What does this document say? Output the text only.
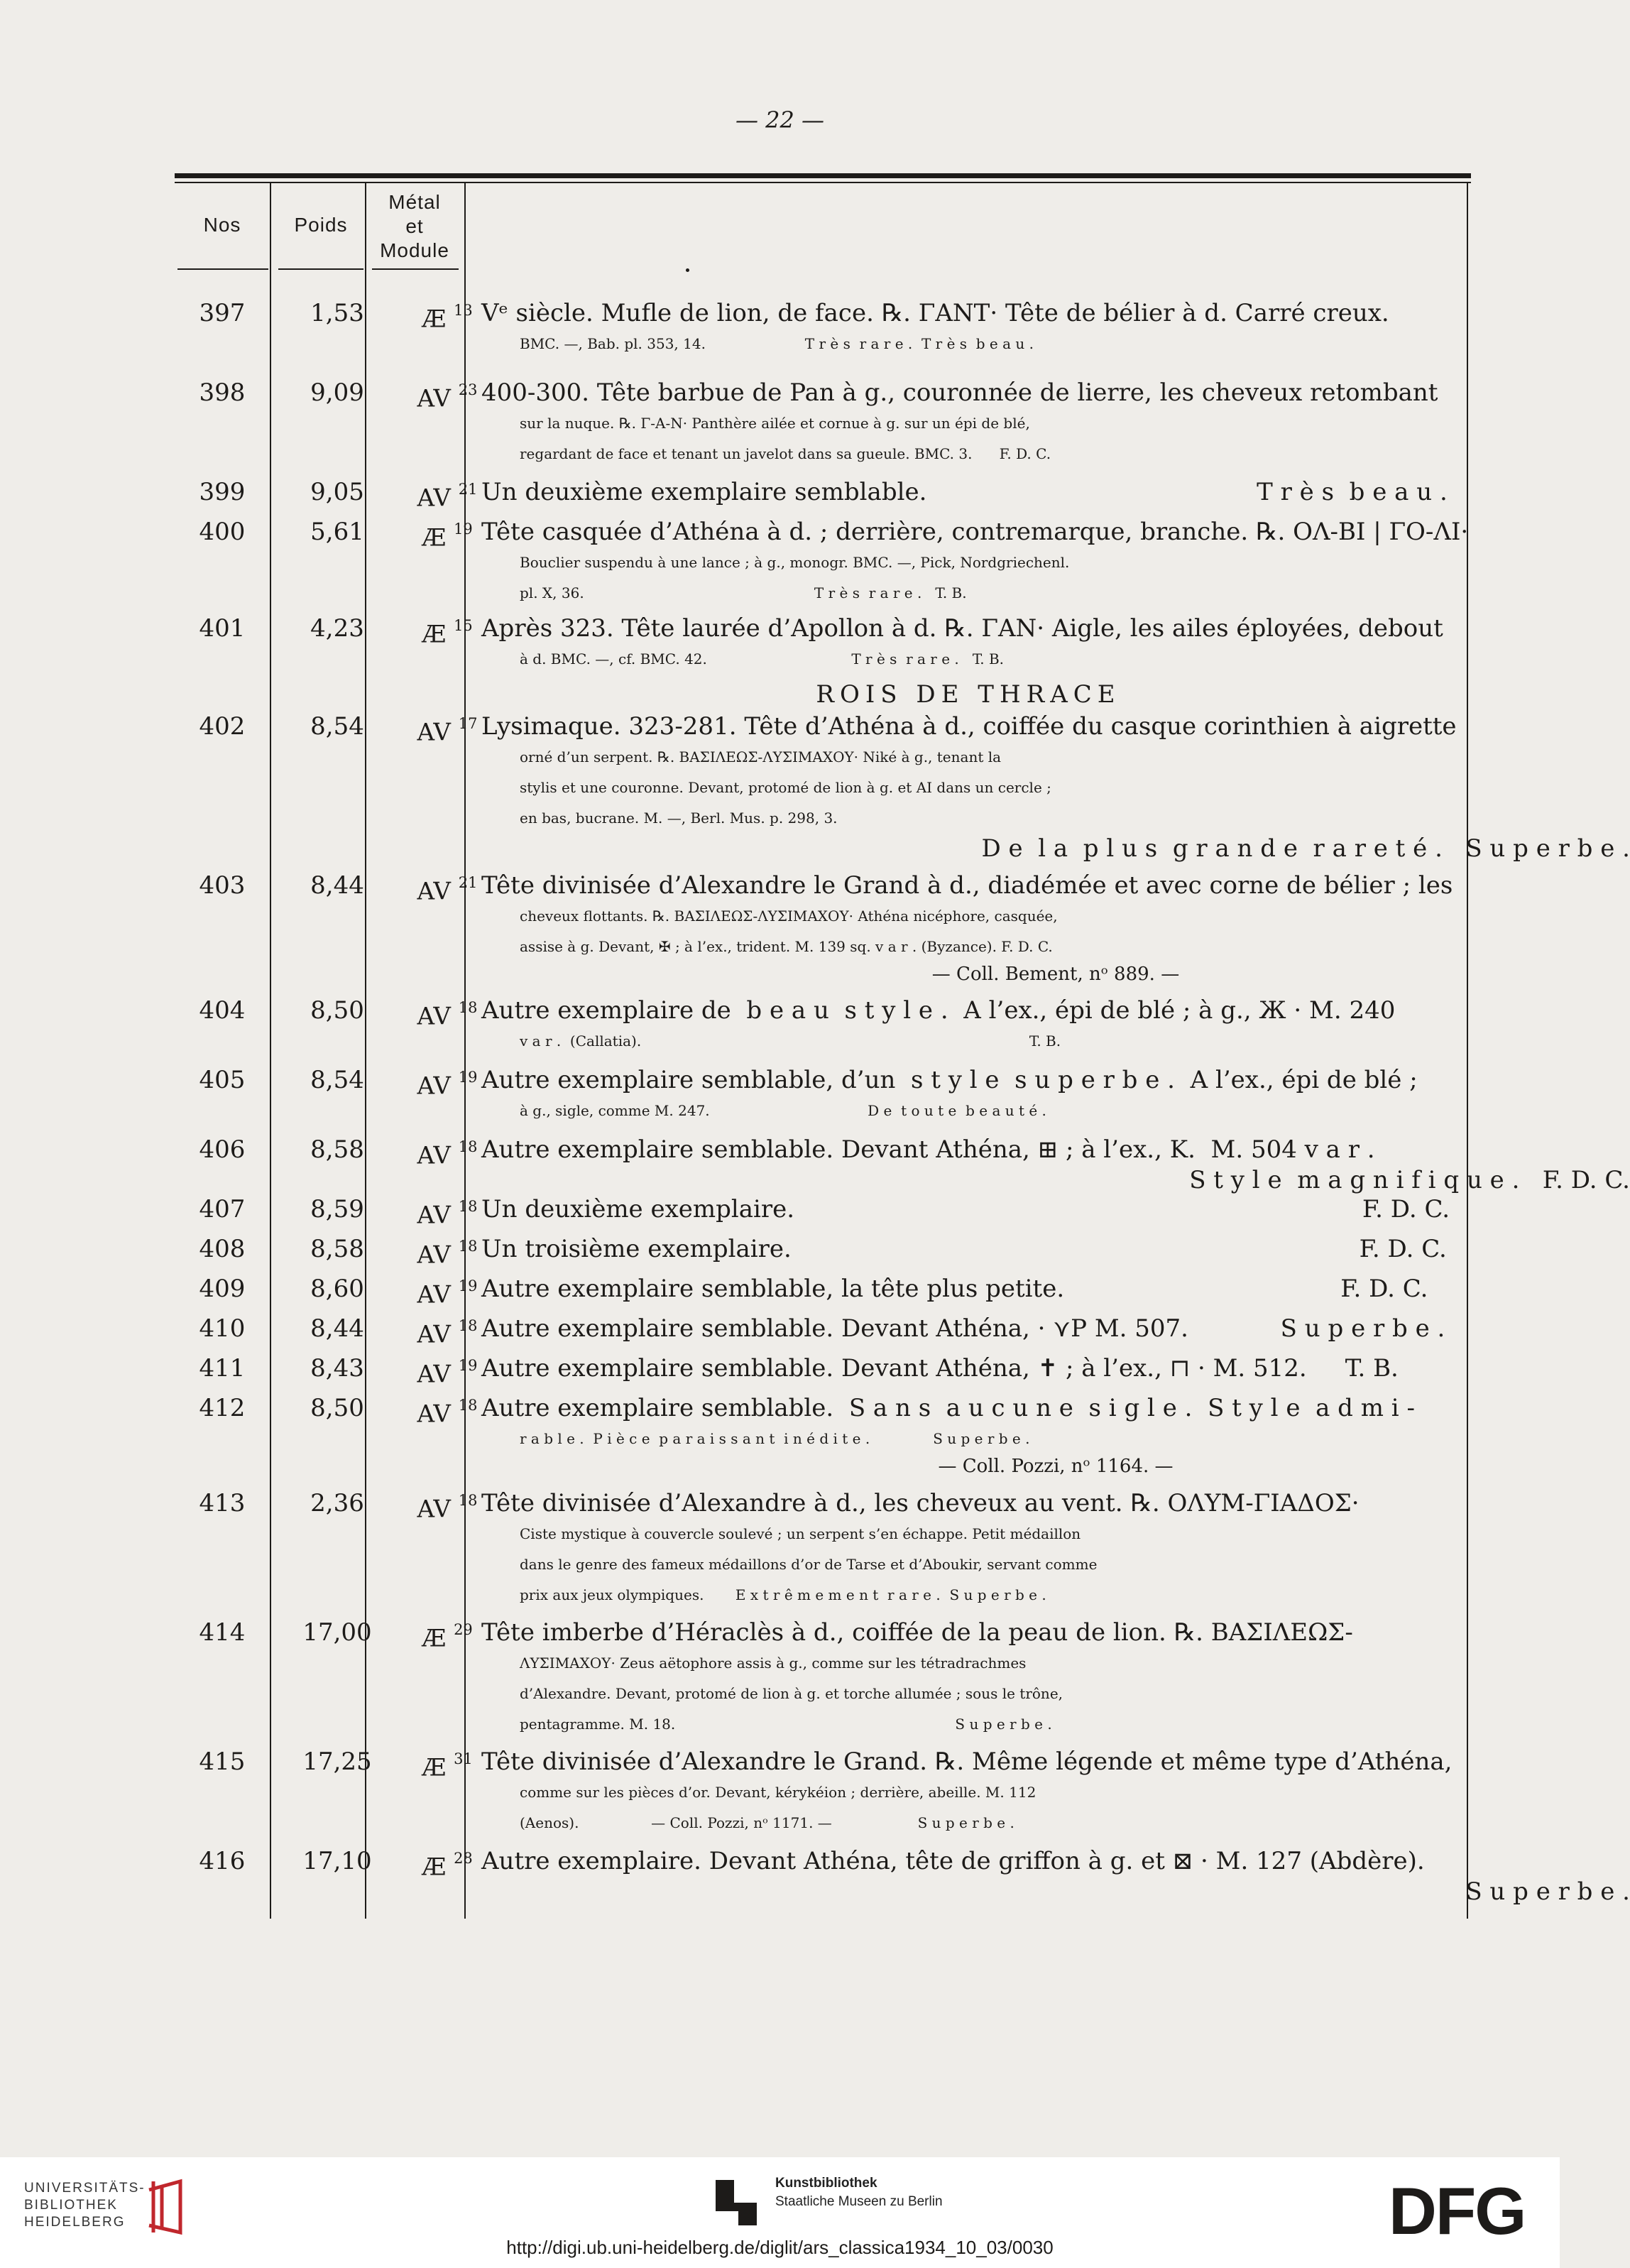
— 22 —
Nos	Poids
Métal
et
Module
397	1,53	Æ $^{13}$ Vᵉ siècle. Mufle de lion, de face. ℞. ΓΑΝΤ· Tête de bélier à d. Carré creux.
BMC. —, Bab. pl. 353, 14.                      T r è s  r a r e .  T r è s  b e a u .
398	9,09	AV $^{23}$ 400-300. Tête barbue de Pan à g., couronnée de lierre, les cheveux retombant
sur la nuque. ℞. Γ-Α-Ν· Panthère ailée et cornue à g. sur un épi de blé,
regardant de face et tenant un javelot dans sa gueule. BMC. 3.      F. D. C.
399	9,05	AV $^{21}$ Un deuxième exemplaire semblable.                                           T r è s  b e a u .
400	5,61	Æ $^{19}$ Tête casquée d’Athéna à d. ; derrière, contremarque, branche. ℞. ΟΛ-ΒΙ | ΓΟ-ΛΙ·
Bouclier suspendu à une lance ; à g., monogr. BMC. —, Pick, Nordgriechenl.
pl. X, 36.                                                   T r è s  r a r e .   T. B.
401	4,23	Æ $^{15}$ Après 323. Tête laurée d’Apollon à d. ℞. ΓΑΝ· Aigle, les ailes éployées, debout
à d. BMC. —, cf. BMC. 42.                                T r è s  r a r e .   T. B.
402	8,54	AV $^{17}$ Lysimaque. 323-281. Tête d’Athéna à d., coiffée du casque corinthien à aigrette
orné d’un serpent. ℞. ΒΑΣΙΛΕΩΣ-ΛΥΣΙΜΑΧΟΥ· Niké à g., tenant la
stylis et une couronne. Devant, protomé de lion à g. et ΑΙ dans un cercle ;
en bas, bucrane. M. —, Berl. Mus. p. 298, 3.
D e  l a  p l u s  g r a n d e  r a r e t é .   S u p e r b e .
403	8,44	AV $^{21}$ Tête divinisée d’Alexandre le Grand à d., diadémée et avec corne de bélier ; les
cheveux flottants. ℞. ΒΑΣΙΛΕΩΣ-ΛΥΣΙΜΑΧΟΥ· Athéna nicéphore, casquée,
assise à g. Devant, ✠ ; à l’ex., trident. M. 139 sq. v a r . (Byzance). F. D. C.
— Coll. Bement, nᵒ 889. —
404	8,50	AV $^{18}$ Autre exemplaire de  b e a u  s t y l e .  A l’ex., épi de blé ; à g., Ж · M. 240
v a r .  (Callatia).                                                                                      T. B.
405	8,54	AV $^{19}$ Autre exemplaire semblable, d’un  s t y l e  s u p e r b e .  A l’ex., épi de blé ;
à g., sigle, comme M. 247.                                   D e  t o u t e  b e a u t é .
406	8,58	AV $^{18}$ Autre exemplaire semblable. Devant Athéna, ⊞ ; à l’ex., Κ.  M. 504 v a r .
S t y l e  m a g n i f i q u e .   F. D. C.
407	8,59	AV $^{18}$ Un deuxième exemplaire.                                                                          F. D. C.
408	8,58	AV $^{18}$ Un troisième exemplaire.                                                                          F. D. C.
409	8,60	AV $^{19}$ Autre exemplaire semblable, la tête plus petite.                                    F. D. C.
410	8,44	AV $^{18}$ Autre exemplaire semblable. Devant Athéna, · ⋎Ρ M. 507.            S u p e r b e .
411	8,43	AV $^{19}$ Autre exemplaire semblable. Devant Athéna, ✝ ; à l’ex., ⊓ · M. 512.     T. B.
412	8,50	AV $^{18}$ Autre exemplaire semblable.  S a n s  a u c u n e  s i g l e .  S t y l e  a d m i -
r a b l e .  P i è c e  p a r a i s s a n t  i n é d i t e .              S u p e r b e .
— Coll. Pozzi, nᵒ 1164. —
413	2,36	AV $^{18}$ Tête divinisée d’Alexandre à d., les cheveux au vent. ℞. ΟΛΥΜ-ΓΙΑΔΟΣ·
Ciste mystique à couvercle soulevé ; un serpent s’en échappe. Petit médaillon
dans le genre des fameux médaillons d’or de Tarse et d’Aboukir, servant comme
prix aux jeux olympiques.       E x t r ê m e m e n t  r a r e .  S u p e r b e .
414	17,00	Æ $^{29}$ Tête imberbe d’Héraclès à d., coiffée de la peau de lion. ℞. ΒΑΣΙΛΕΩΣ-
ΛΥΣΙΜΑΧΟΥ· Zeus aëtophore assis à g., comme sur les tétradrachmes
d’Alexandre. Devant, protomé de lion à g. et torche allumée ; sous le trône,
pentagramme. M. 18.                                                              S u p e r b e .
415	17,25	Æ $^{31}$ Tête divinisée d’Alexandre le Grand. ℞. Même légende et même type d’Athéna,
comme sur les pièces d’or. Devant, kérykéion ; derrière, abeille. M. 112
(Aenos).                — Coll. Pozzi, nᵒ 1171. —                   S u p e r b e .
416	17,10	Æ $^{28}$ Autre exemplaire. Devant Athéna, tête de griffon à g. et ⊠ · M. 127 (Abdère).
S u p e r b e .
ROIS DE THRACE
UNIVERSITÄTS-
BIBLIOTHEK
HEIDELBERG
Kunstbibliothek
Staatliche Museen zu Berlin	DFG
http://digi.ub.uni-heidelberg.de/diglit/ars_classica1934_10_03/0030
